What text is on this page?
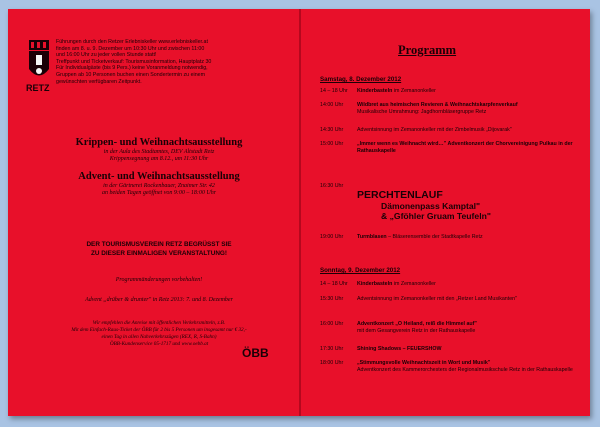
RETZ
Führungen durch den Retzer Erlebniskeller www.erlebniskeller.at
finden am 8. u. 9. Dezember um 10:30 Uhr und zwischen 11:00
und 16:00 Uhr zu jeder vollen Stunde statt!
Treffpunkt und Ticketverkauf: Tourismusinformation, Hauptplatz 30
Für Individualgäste (bis 9 Pers.) keine Voranmeldung notwendig,
Gruppen ab 10 Personen buchen einen Sondertermin zu einem
gewünschten verfügbaren Zeitpunkt.
Krippen- und Weihnachtsausstellung
in der Aula des Stadtamtes, DEV Altstadt Retz
Krippensegnung am 8.12., um 11:30 Uhr
Advent- und Weihnachtsausstellung
in der Gärtnerei Rockenbauer, Znaimer Str. 42
an beiden Tagen geöffnet von 9:00 – 18:00 Uhr
DER TOURISMUSVEREIN RETZ BEGRÜSST SIE
ZU DIESER EINMALIGEN VERANSTALTUNG!
Programmänderungen vorbehalten!
Advent „drüber & drunter" in Retz 2013: 7. und 8. Dezember
Wir empfehlen die Anreise mit öffentlichen Verkehrsmitteln, z.B.
Mit dem Einfach-Raus-Ticket der ÖBB für 2 bis 5 Personen um insgesamt nur € 32,-
einen Tag in allen Nahverkehrszügen (REX, R, S-Bahn)
ÖBB-Kundenservice 05-1717 und www.oebb.at
ÖBB
Programm
Samstag, 8. Dezember 2012
14 – 18 Uhr	Kinderbasteln im Zemanonkeller
14:00 Uhr	Wildbret aus heimischen Revieren & Weihnachtskarpfenverkauf
Musikalische Umrahmung: Jagdhornbläsergruppe Retz
14:30 Uhr	Adventsinnung im Zemanonkeller mit der Zimbelmusik „Dijovarak"
15:00 Uhr	„Immer wenn es Weihnacht wird…" Adventkonzert der Chorvereinigung Pulkau in der Rathauskapelle
16:30 Uhr
PERCHTENLAUF
Dämonenpass Kamptal"
& „Gföhler Gruam Teufeln"
19:00 Uhr	Turmblasen – Bläserensemble der Stadtkapelle Retz
Sonntag, 9. Dezember 2012
14 – 18 Uhr	Kinderbasteln im Zemanonkeller
15:30 Uhr	Adventsinnung im Zemanonkeller mit den „Retzer Land Musikanten"
16:00 Uhr	Adventkonzert „O Heiland, reiß die Himmel auf"
mit dem Gesangverein Retz in der Rathauskapelle
17:30 Uhr	Shining Shadows – FEUERSHOW
18:00 Uhr	„Stimmungsvolle Weihnachtszeit in Wort und Musik"
Adventkonzert des Kammerorchesters der Regionalmusikschule Retz in der Rathauskapelle
